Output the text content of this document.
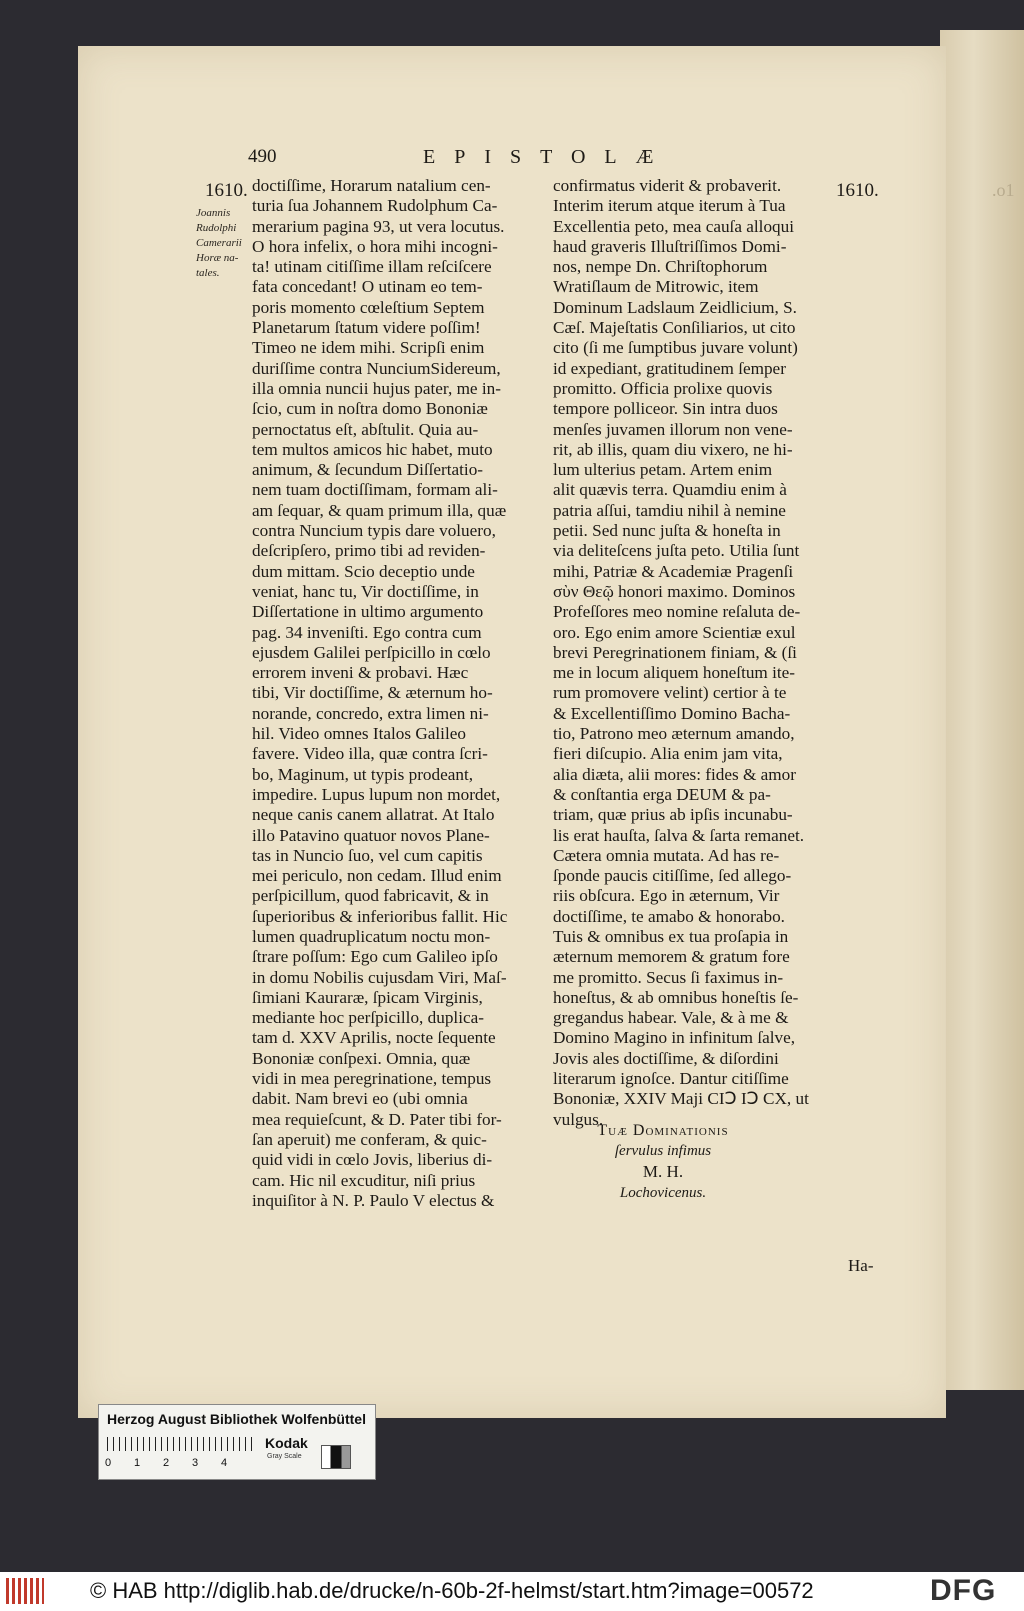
.o1
490	EPISTOLÆ
1610.	1610.
Joannis
Rudolphi
Camerarii
Horæ na-
tales.
doctiſſime, Horarum natalium cen-
turia ſua Johannem Rudolphum Ca-
merarium pagina 93, ut vera locutus.
O hora infelix, o hora mihi incogni-
ta! utinam citiſſime illam reſciſcere
fata concedant! O utinam eo tem-
poris momento cœleſtium Septem
Planetarum ſtatum videre poſſim!
Timeo ne idem mihi. Scripſi enim
duriſſime contra NunciumSidereum,
illa omnia nuncii hujus pater, me in-
ſcio, cum in noſtra domo Bononiæ
pernoctatus eſt, abſtulit. Quia au-
tem multos amicos hic habet, muto
animum, & ſecundum Diſſertatio-
nem tuam doctiſſimam, formam ali-
am ſequar, & quam primum illa, quæ
contra Nuncium typis dare voluero,
deſcripſero, primo tibi ad reviden-
dum mittam. Scio deceptio unde
veniat, hanc tu, Vir doctiſſime, in
Diſſertatione in ultimo argumento
pag. 34 inveniſti. Ego contra cum
ejusdem Galilei perſpicillo in cœlo
errorem inveni & probavi. Hæc
tibi, Vir doctiſſime, & æternum ho-
norande, concredo, extra limen ni-
hil. Video omnes Italos Galileo
favere. Video illa, quæ contra ſcri-
bo, Maginum, ut typis prodeant,
impedire. Lupus lupum non mordet,
neque canis canem allatrat. At Italo
illo Patavino quatuor novos Plane-
tas in Nuncio ſuo, vel cum capitis
mei periculo, non cedam. Illud enim
perſpicillum, quod fabricavit, & in
ſuperioribus & inferioribus fallit. Hic
lumen quadruplicatum noctu mon-
ſtrare poſſum: Ego cum Galileo ipſo
in domu Nobilis cujusdam Viri, Maſ-
ſimiani Kauraræ, ſpicam Virginis,
mediante hoc perſpicillo, duplica-
tam d. XXV Aprilis, nocte ſequente
Bononiæ conſpexi. Omnia, quæ
vidi in mea peregrinatione, tempus
dabit. Nam brevi eo (ubi omnia
mea requieſcunt, & D. Pater tibi for-
ſan aperuit) me conferam, & quic-
quid vidi in cœlo Jovis, liberius di-
cam. Hic nil excuditur, niſi prius
inquiſitor à N. P. Paulo V electus &
confirmatus viderit & probaverit.
Interim iterum atque iterum à Tua
Excellentia peto, mea cauſa alloqui
haud graveris Illuſtriſſimos Domi-
nos, nempe Dn. Chriſtophorum
Wratiſlaum de Mitrowic, item
Dominum Ladslaum Zeidlicium, S.
Cæſ. Majeſtatis Conſiliarios, ut cito
cito (ſi me ſumptibus juvare volunt)
id expediant, gratitudinem ſemper
promitto. Officia prolixe quovis
tempore polliceor. Sin intra duos
menſes juvamen illorum non vene-
rit, ab illis, quam diu vixero, ne hi-
lum ulterius petam. Artem enim
alit quævis terra. Quamdiu enim à
patria aſſui, tamdiu nihil à nemine
petii. Sed nunc juſta & honeſta in
via deliteſcens juſta peto. Utilia ſunt
mihi, Patriæ & Academiæ Pragenſi
σὺν Θεῷ honori maximo. Dominos
Profeſſores meo nomine reſaluta de-
oro. Ego enim amore Scientiæ exul
brevi Peregrinationem finiam, & (ſi
me in locum aliquem honeſtum ite-
rum promovere velint) certior à te
& Excellentiſſimo Domino Bacha-
tio, Patrono meo æternum amando,
fieri diſcupio. Alia enim jam vita,
alia diæta, alii mores: fides & amor
& conſtantia erga DEUM & pa-
triam, quæ prius ab ipſis incunabu-
lis erat hauſta, ſalva & ſarta remanet.
Cætera omnia mutata. Ad has re-
ſponde paucis citiſſime, ſed allego-
riis obſcura. Ego in æternum, Vir
doctiſſime, te amabo & honorabo.
Tuis & omnibus ex tua proſapia in
æternum memorem & gratum fore
me promitto. Secus ſi faximus in-
honeſtus, & ab omnibus honeſtis ſe-
gregandus habear. Vale, & à me &
Domino Magino in infinitum ſalve,
Jovis ales doctiſſime, & diſordini
literarum ignoſce. Dantur citiſſime
Bononiæ, XXIV Maji CIↃ IↃ CX, ut
vulgus.
Tuæ Dominationis
ſervulus infimus
M. H.
Lochovicenus.
Ha-
Herzog August Bibliothek Wolfenbüttel
0 1 2 3 4
Kodak
Gray Scale
© HAB http://diglib.hab.de/drucke/n-60b-2f-helmst/start.htm?image=00572	DFG
